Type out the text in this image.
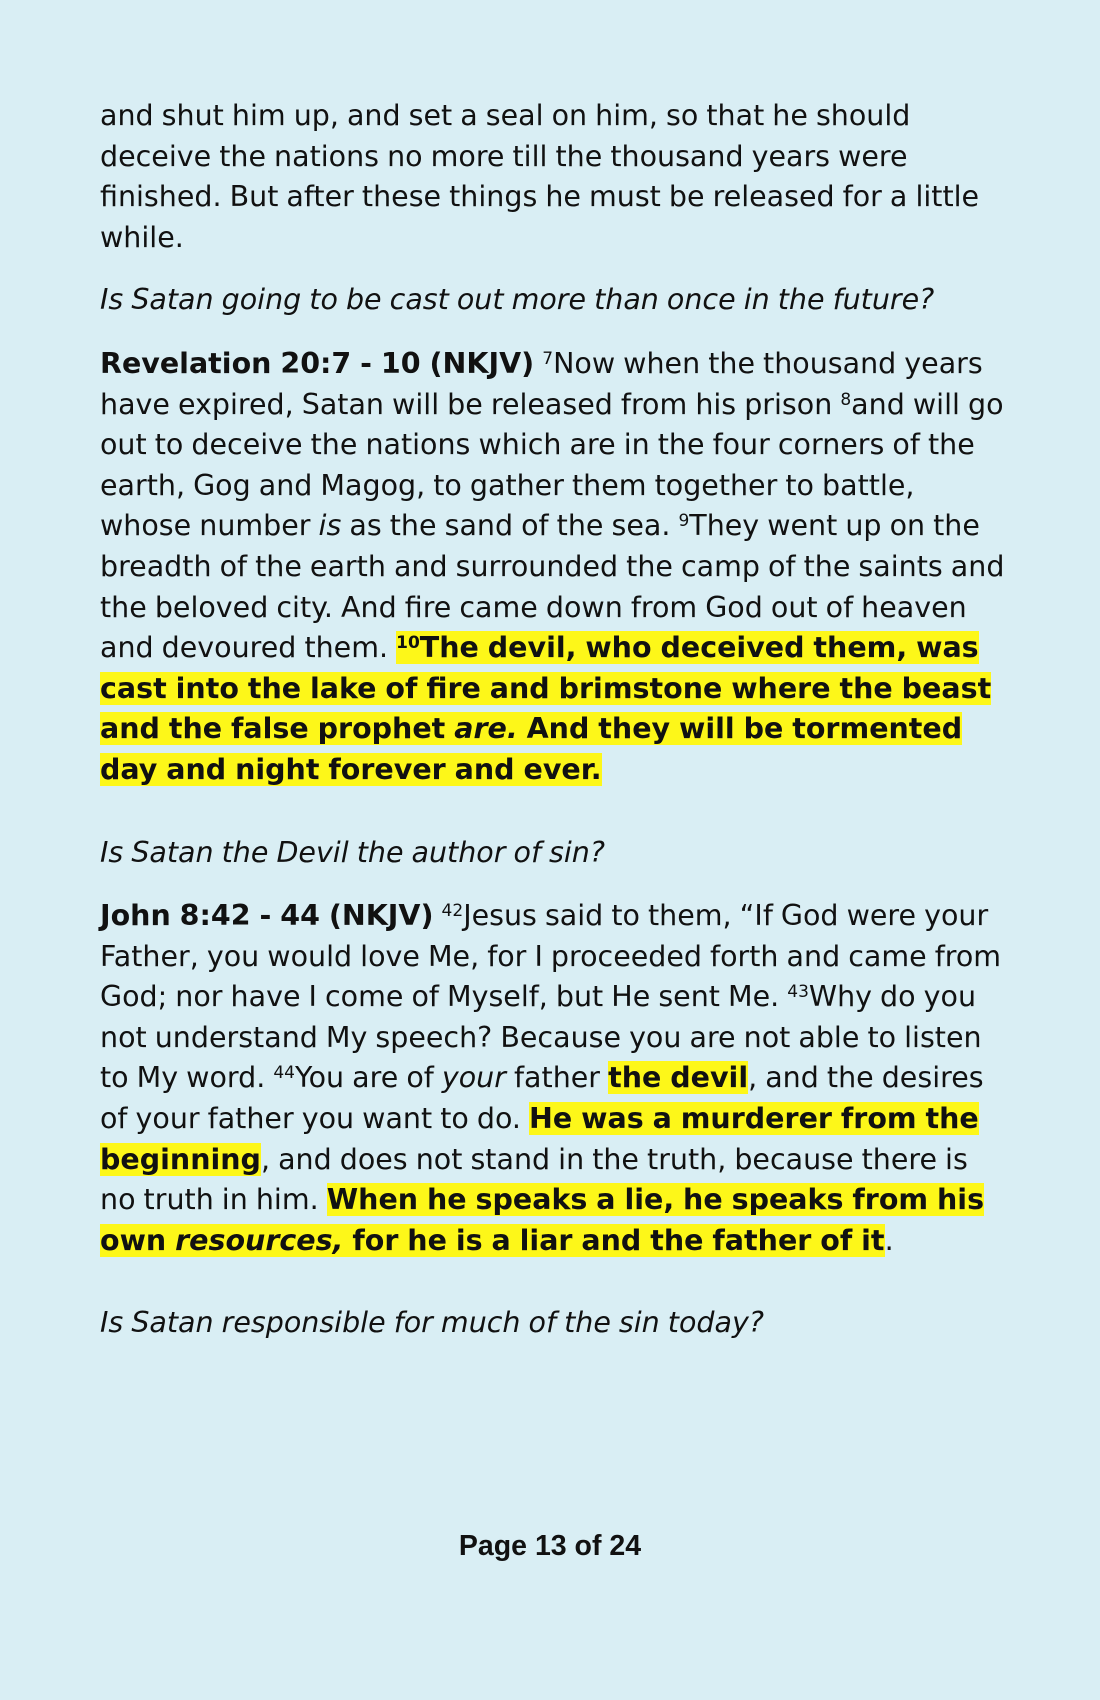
and shut him up, and set a seal on him, so that he should deceive the nations no more till the thousand years were finished. But after these things he must be released for a little while.

Is Satan going to be cast out more than once in the future?

Revelation 20:7 - 10 (NKJV) $^7$Now when the thousand years have expired, Satan will be released from his prison $^8$and will go out to deceive the nations which are in the four corners of the earth, Gog and Magog, to gather them together to battle, whose number is as the sand of the sea. $^9$They went up on the breadth of the earth and surrounded the camp of the saints and the beloved city. And fire came down from God out of heaven and devoured them. $^{10}$The devil, who deceived them, was cast into the lake of fire and brimstone where the beast and the false prophet are. And they will be tormented day and night forever and ever.

Is Satan the Devil the author of sin?

John 8:42 - 44 (NKJV) $^{42}$Jesus said to them, “If God were your Father, you would love Me, for I proceeded forth and came from God; nor have I come of Myself, but He sent Me. $^{43}$Why do you not understand My speech? Because you are not able to listen to My word. $^{44}$You are of your father the devil, and the desires of your father you want to do. He was a murderer from the beginning, and does not stand in the truth, because there is no truth in him. When he speaks a lie, he speaks from his own resources, for he is a liar and the father of it.

Is Satan responsible for much of the sin today?

Page 13 of 24
